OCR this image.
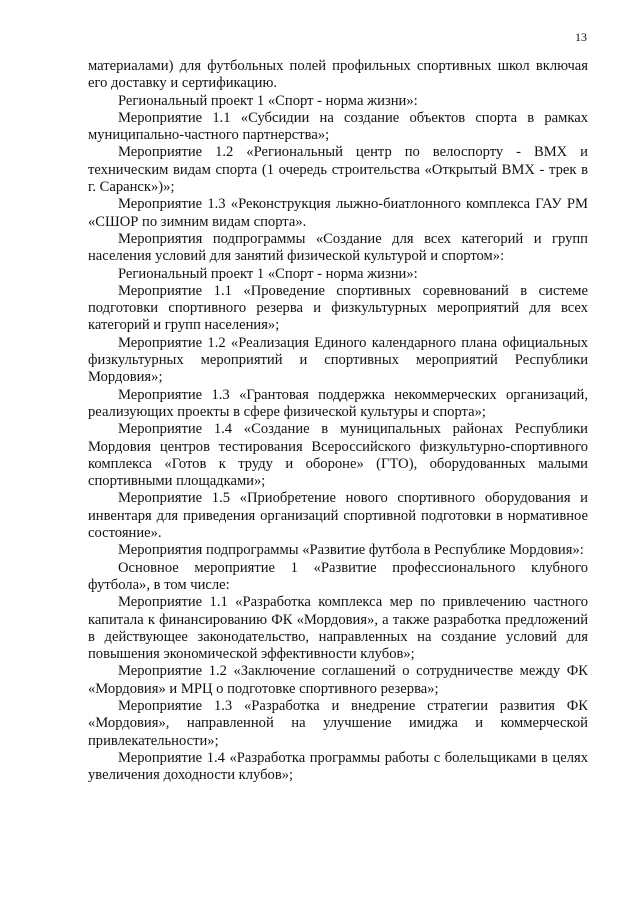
13

материалами) для футбольных полей профильных спортивных школ включая его доставку и сертификацию.

Региональный проект 1 «Спорт - норма жизни»:

Мероприятие 1.1 «Субсидии на создание объектов спорта в рамках муниципально-частного партнерства»;

Мероприятие 1.2 «Региональный центр по велоспорту - ВМХ и техническим видам спорта (1 очередь строительства «Открытый ВМХ - трек в г. Саранск»)»;

Мероприятие 1.3 «Реконструкция лыжно-биатлонного комплекса ГАУ РМ «СШОР по зимним видам спорта».

Мероприятия подпрограммы «Создание для всех категорий и групп населения условий для занятий физической культурой и спортом»:

Региональный проект 1 «Спорт - норма жизни»:

Мероприятие 1.1 «Проведение спортивных соревнований в системе подготовки спортивного резерва и физкультурных мероприятий для всех категорий и групп населения»;

Мероприятие 1.2 «Реализация Единого календарного плана официальных физкультурных мероприятий и спортивных мероприятий Республики Мордовия»;

Мероприятие 1.3 «Грантовая поддержка некоммерческих организаций, реализующих проекты в сфере физической культуры и спорта»;

Мероприятие 1.4 «Создание в муниципальных районах Республики Мордовия центров тестирования Всероссийского физкультурно-спортивного комплекса «Готов к труду и обороне» (ГТО), оборудованных малыми спортивными площадками»;

Мероприятие 1.5 «Приобретение нового спортивного оборудования и инвентаря для приведения организаций спортивной подготовки в нормативное состояние».

Мероприятия подпрограммы «Развитие футбола в Республике Мордовия»:

Основное мероприятие 1 «Развитие профессионального клубного футбола», в том числе:

Мероприятие 1.1 «Разработка комплекса мер по привлечению частного капитала к финансированию ФК «Мордовия», а также разработка предложений в действующее законодательство, направленных на создание условий для повышения экономической эффективности клубов»;

Мероприятие 1.2 «Заключение соглашений о сотрудничестве между ФК «Мордовия» и МРЦ о подготовке спортивного резерва»;

Мероприятие 1.3 «Разработка и внедрение стратегии развития ФК «Мордовия», направленной на улучшение имиджа и коммерческой привлекательности»;

Мероприятие 1.4 «Разработка программы работы с болельщиками в целях увеличения доходности клубов»;
